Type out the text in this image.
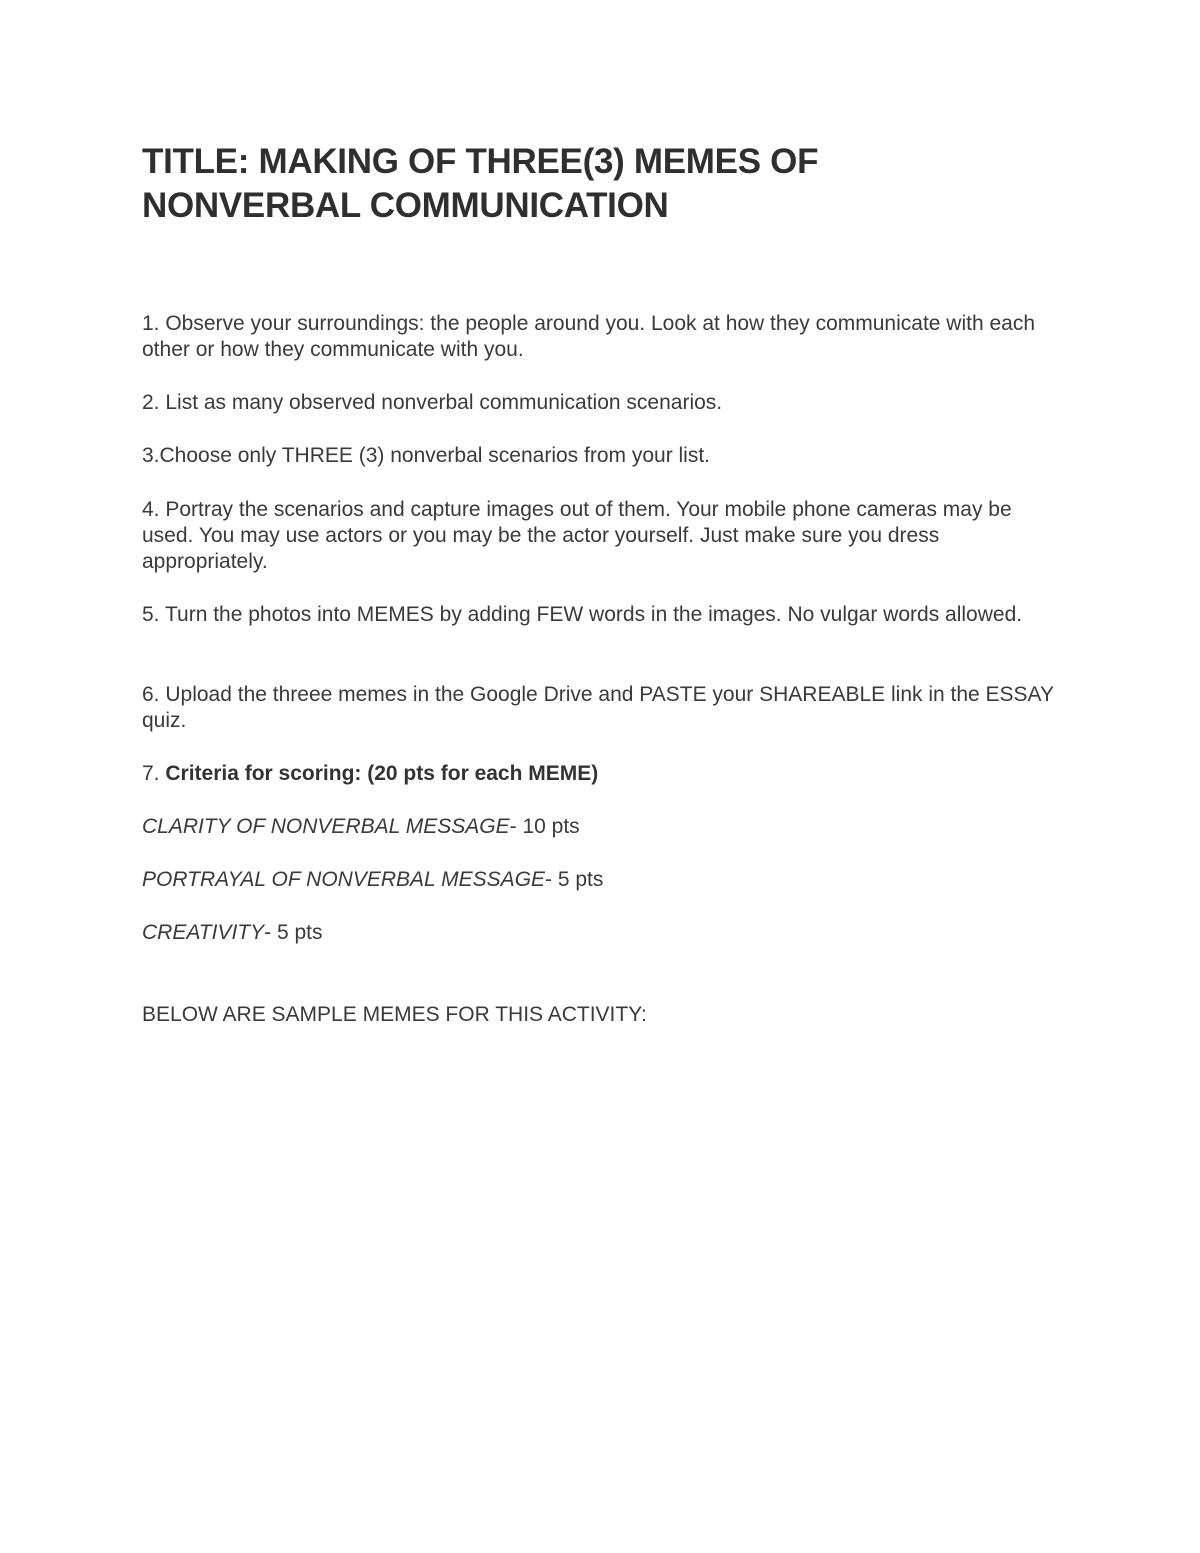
TITLE: MAKING OF THREE(3) MEMES OF NONVERBAL COMMUNICATION

1. Observe your surroundings: the people around you. Look at how they communicate with each other or how they communicate with you.

2. List as many observed nonverbal communication scenarios.

3.Choose only THREE (3) nonverbal scenarios from your list.

4. Portray the scenarios and capture images out of them. Your mobile phone cameras may be used. You may use actors or you may be the actor yourself. Just make sure you dress appropriately.

5. Turn the photos into MEMES by adding FEW words in the images. No vulgar words allowed.

6. Upload the threee memes in the Google Drive and PASTE your SHAREABLE link in the ESSAY quiz.

7. Criteria for scoring: (20 pts for each MEME)

CLARITY OF NONVERBAL MESSAGE- 10 pts

PORTRAYAL OF NONVERBAL MESSAGE- 5 pts

CREATIVITY- 5 pts

BELOW ARE SAMPLE MEMES FOR THIS ACTIVITY:
